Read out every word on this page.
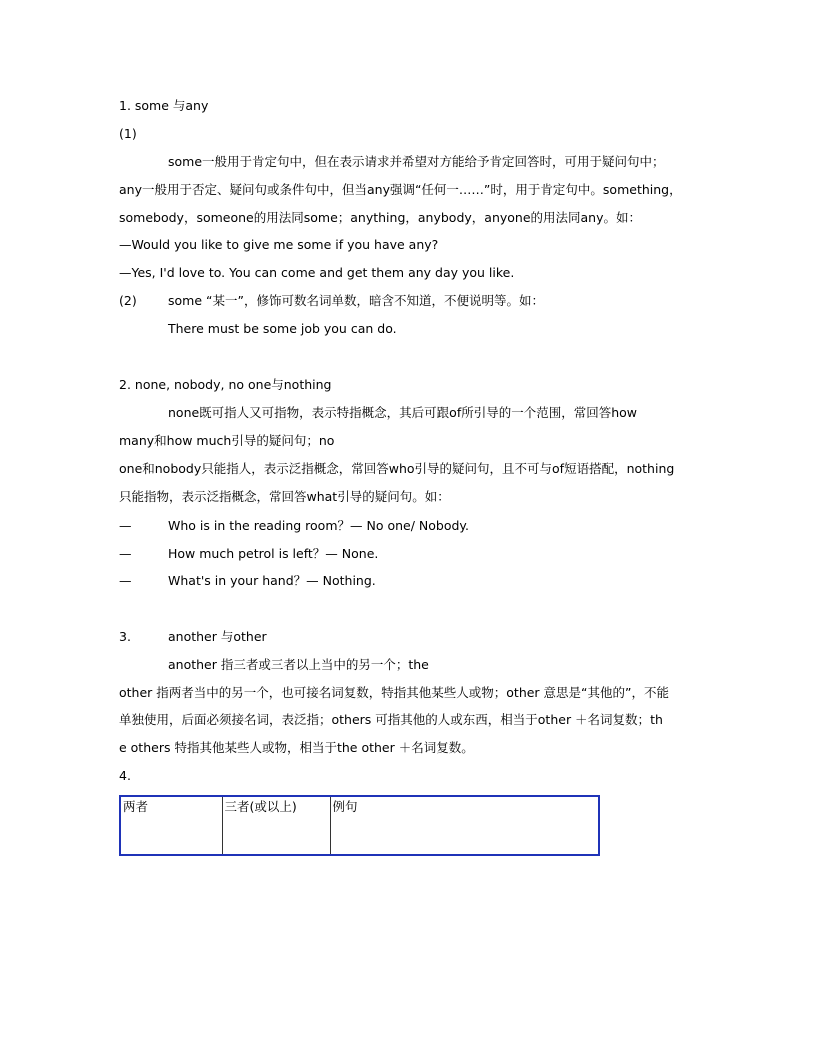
1. some 与any
(1)
some一般用于肯定句中，但在表示请求并希望对方能给予肯定回答时，可用于疑问句中；
any一般用于否定、疑问句或条件句中，但当any强调“任何一……”时，用于肯定句中。something，
somebody，someone的用法同some；anything，anybody，anyone的用法同any。如：
—Would you like to give me some if you have any?
—Yes, I'd love to. You can come and get them any day you like.
(2)	some “某一”，修饰可数名词单数，暗含不知道，不便说明等。如：
There must be some job you can do.
2. none, nobody, no one与nothing
none既可指人又可指物，表示特指概念，其后可跟of所引导的一个范围，常回答how
many和how much引导的疑问句；no
one和nobody只能指人，表示泛指概念，常回答who引导的疑问句，且不可与of短语搭配，nothing
只能指物，表示泛指概念，常回答what引导的疑问句。如：
—	Who is in the reading room？— No one/ Nobody.
—	How much petrol is left？— None.
—	What's in your hand？— Nothing.
3.	another 与other
another 指三者或三者以上当中的另一个；the
other 指两者当中的另一个，也可接名词复数，特指其他某些人或物；other 意思是“其他的”，不能
单独使用，后面必须接名词，表泛指；others 可指其他的人或东西，相当于other ＋名词复数；th
e others 特指其他某些人或物，相当于the other ＋名词复数。
4.
两者	三者(或以上)	例句
